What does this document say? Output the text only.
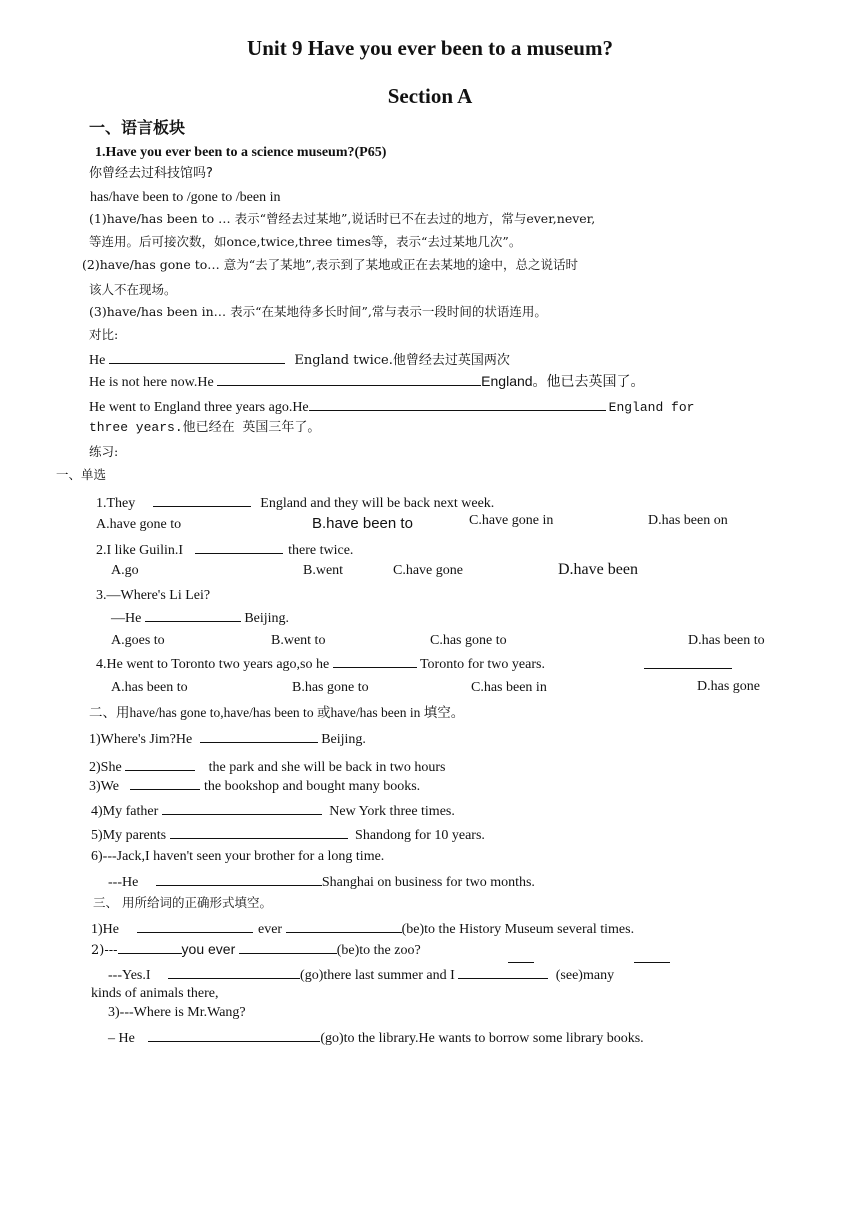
Unit 9 Have you ever been to a museum?
Section A
一、语言板块
1.Have you ever been to a science museum?(P65)
你曾经去过科技馆吗?
has/have been to /gone to /been in
(1)have/has been to … 表示“曾经去过某地”,说话时已不在去过的地方，常与ever,never,
等连用。后可接次数，如once,twice,three times等，表示“去过某地几次”。
(2)have/has gone to… 意为“去了某地”,表示到了某地或正在去某地的途中，总之说话时
该人不在现场。
(3)have/has been in… 表示“在某地待多长时间”,常与表示一段时间的状语连用。
对比:
He	England twice.他曾经去过英国两次
He is not here now.He	England。他已去英国了。
He went to England three years ago.He	England for
three years.他已经在 英国三年了。
练习:
一、单选
1.They	England and they will be back next week.
A.have gone to	B.have been to	C.have gone in	D.has been on
2.I like Guilin.I	there twice.
A.go	B.went	C.have gone	D.have been
3.—Where's Li Lei?
—He	Beijing.
A.goes to	B.went to	C.has gone to	D.has been to
4.He went to Toronto two years ago,so he	Toronto for two years.
A.has been to	B.has gone to	C.has been in	D.has gone
二、用have/has gone to,have/has been to 或have/has been in 填空。
1)Where's Jim?He	Beijing.
2)She	the park and she will be back in two hours
3)We	the bookshop and bought many books.
4)My father	New York three times.
5)My parents	Shandong for 10 years.
6)---Jack,I haven't seen your brother for a long time.
---He	Shanghai on business for two months.
三、 用所给词的正确形式填空。
1)He	ever	(be)to the History Museum several times.
2)---	you ever	(be)to the zoo?
---Yes.I	(go)there last summer and I	(see)many
kinds of animals there,
3)---Where is Mr.Wang?
– He	(go)to the library.He wants to borrow some library books.
